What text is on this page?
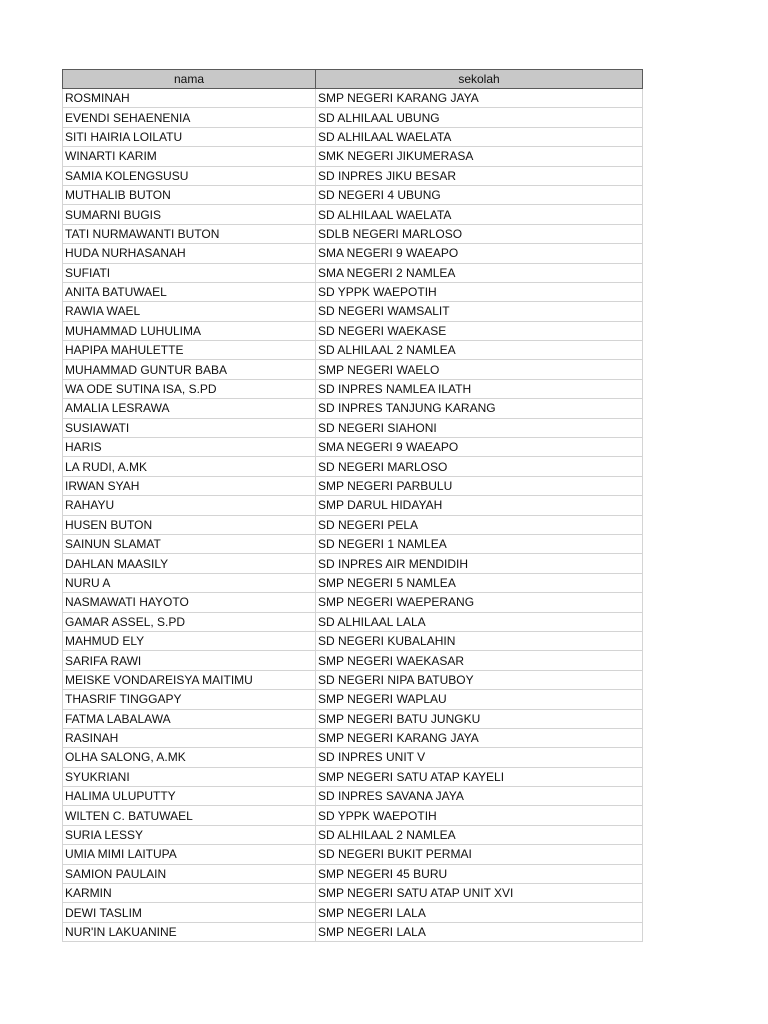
nama	sekolah
ROSMINAH	SMP NEGERI KARANG JAYA
EVENDI SEHAENENIA	SD ALHILAAL UBUNG
SITI HAIRIA LOILATU	SD ALHILAAL WAELATA
WINARTI KARIM	SMK NEGERI JIKUMERASA
SAMIA KOLENGSUSU	SD INPRES JIKU BESAR
MUTHALIB BUTON	SD NEGERI 4 UBUNG
SUMARNI BUGIS	SD ALHILAAL WAELATA
TATI NURMAWANTI BUTON	SDLB NEGERI MARLOSO
HUDA NURHASANAH	SMA NEGERI 9 WAEAPO
SUFIATI	SMA NEGERI 2 NAMLEA
ANITA BATUWAEL	SD YPPK WAEPOTIH
RAWIA WAEL	SD NEGERI WAMSALIT
MUHAMMAD LUHULIMA	SD NEGERI WAEKASE
HAPIPA MAHULETTE	SD ALHILAAL 2 NAMLEA
MUHAMMAD GUNTUR BABA	SMP NEGERI WAELO
WA ODE SUTINA ISA, S.PD	SD INPRES NAMLEA ILATH
AMALIA LESRAWA	SD INPRES TANJUNG KARANG
SUSIAWATI	SD NEGERI SIAHONI
HARIS	SMA NEGERI 9 WAEAPO
LA RUDI, A.MK	SD NEGERI MARLOSO
IRWAN SYAH	SMP NEGERI PARBULU
RAHAYU	SMP DARUL HIDAYAH
HUSEN BUTON	SD NEGERI PELA
SAINUN SLAMAT	SD NEGERI 1 NAMLEA
DAHLAN MAASILY	SD INPRES AIR MENDIDIH
NURU A	SMP NEGERI 5 NAMLEA
NASMAWATI HAYOTO	SMP NEGERI WAEPERANG
GAMAR ASSEL, S.PD	SD ALHILAAL LALA
MAHMUD ELY	SD NEGERI KUBALAHIN
SARIFA RAWI	SMP NEGERI WAEKASAR
MEISKE VONDAREISYA MAITIMU	SD NEGERI NIPA BATUBOY
THASRIF TINGGAPY	SMP NEGERI WAPLAU
FATMA LABALAWA	SMP NEGERI BATU JUNGKU
RASINAH	SMP NEGERI KARANG JAYA
OLHA SALONG, A.MK	SD INPRES UNIT V
SYUKRIANI	SMP NEGERI SATU ATAP KAYELI
HALIMA ULUPUTTY	SD INPRES SAVANA JAYA
WILTEN C. BATUWAEL	SD YPPK WAEPOTIH
SURIA LESSY	SD ALHILAAL 2 NAMLEA
UMIA MIMI LAITUPA	SD NEGERI BUKIT PERMAI
SAMION PAULAIN	SMP NEGERI 45 BURU
KARMIN	SMP NEGERI SATU ATAP UNIT XVI
DEWI TASLIM	SMP NEGERI LALA
NUR'IN LAKUANINE	SMP NEGERI LALA
